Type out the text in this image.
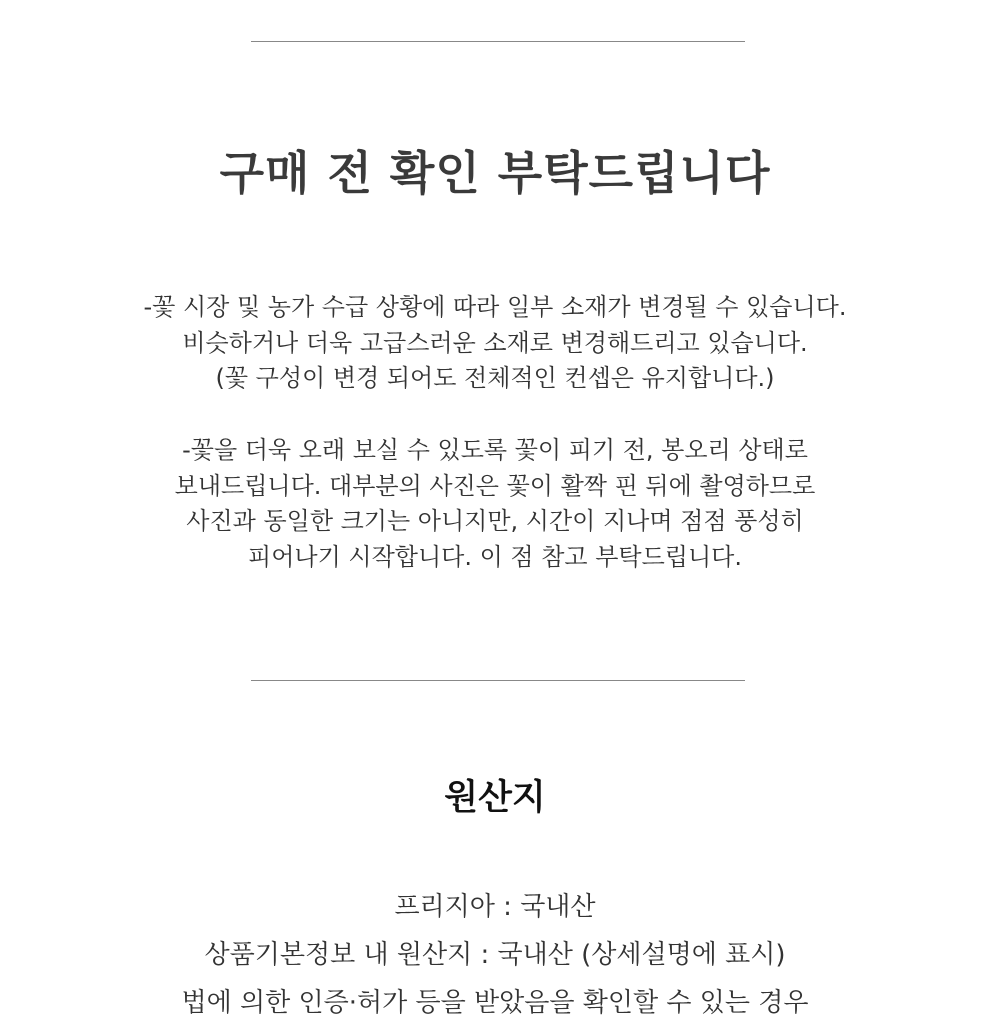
구매 전 확인 부탁드립니다
-꽃 시장 및 농가 수급 상황에 따라 일부 소재가 변경될 수 있습니다.
비슷하거나 더욱 고급스러운 소재로 변경해드리고 있습니다.
(꽃 구성이 변경 되어도 전체적인 컨셉은 유지합니다.)
-꽃을 더욱 오래 보실 수 있도록 꽃이 피기 전, 봉오리 상태로
보내드립니다. 대부분의 사진은 꽃이 활짝 핀 뒤에 촬영하므로
사진과 동일한 크기는 아니지만, 시간이 지나며 점점 풍성히
피어나기 시작합니다. 이 점 참고 부탁드립니다.
원산지
프리지아 : 국내산
상품기본정보 내 원산지 : 국내산 (상세설명에 표시)
법에 의한 인증·허가 등을 받았음을 확인할 수 있는 경우
